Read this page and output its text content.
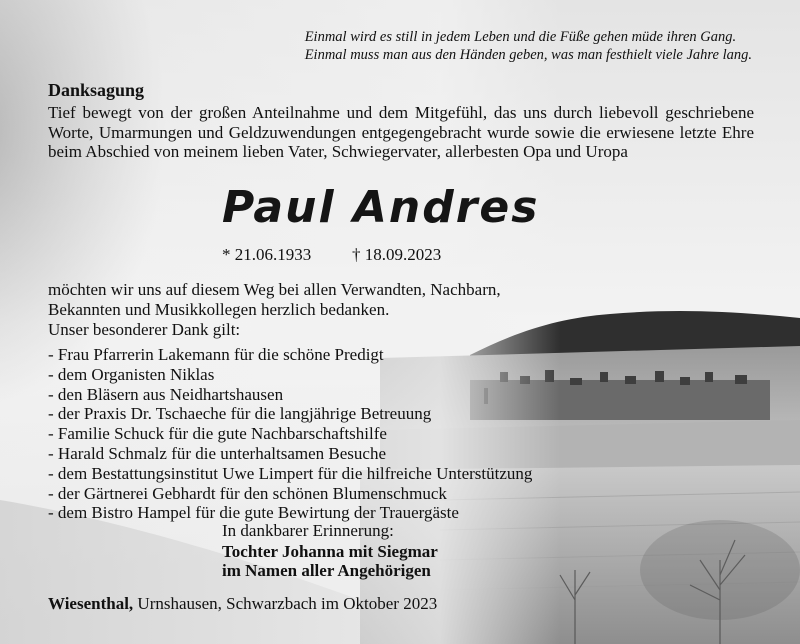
Einmal wird es still in jedem Leben und die Füße gehen müde ihren Gang.
Einmal muss man aus den Händen geben, was man festhielt viele Jahre lang.
Danksagung
Tief bewegt von der großen Anteilnahme und dem Mitgefühl, das uns durch liebevoll geschriebene Worte, Umarmungen und Geldzuwendungen entgegengebracht wurde sowie die erwiesene letzte Ehre beim Abschied von meinem lieben Vater, Schwiegervater, allerbesten Opa und Uropa
Paul Andres
* 21.06.1933 † 18.09.2023
möchten wir uns auf diesem Weg bei allen Verwandten, Nachbarn, Bekannten und Musikkollegen herzlich bedanken.
Unser besonderer Dank gilt:
- Frau Pfarrerin Lakemann für die schöne Predigt
- dem Organisten Niklas
- den Bläsern aus Neidhartshausen
- der Praxis Dr. Tschaeche für die langjährige Betreuung
- Familie Schuck für die gute Nachbarschaftshilfe
- Harald Schmalz für die unterhaltsamen Besuche
- dem Bestattungsinstitut Uwe Limpert für die hilfreiche Unterstützung
- der Gärtnerei Gebhardt für den schönen Blumenschmuck
- dem Bistro Hampel für die gute Bewirtung der Trauergäste
In dankbarer Erinnerung:
Tochter Johanna mit Siegmar
im Namen aller Angehörigen
Wiesenthal, Urnshausen, Schwarzbach im Oktober 2023
